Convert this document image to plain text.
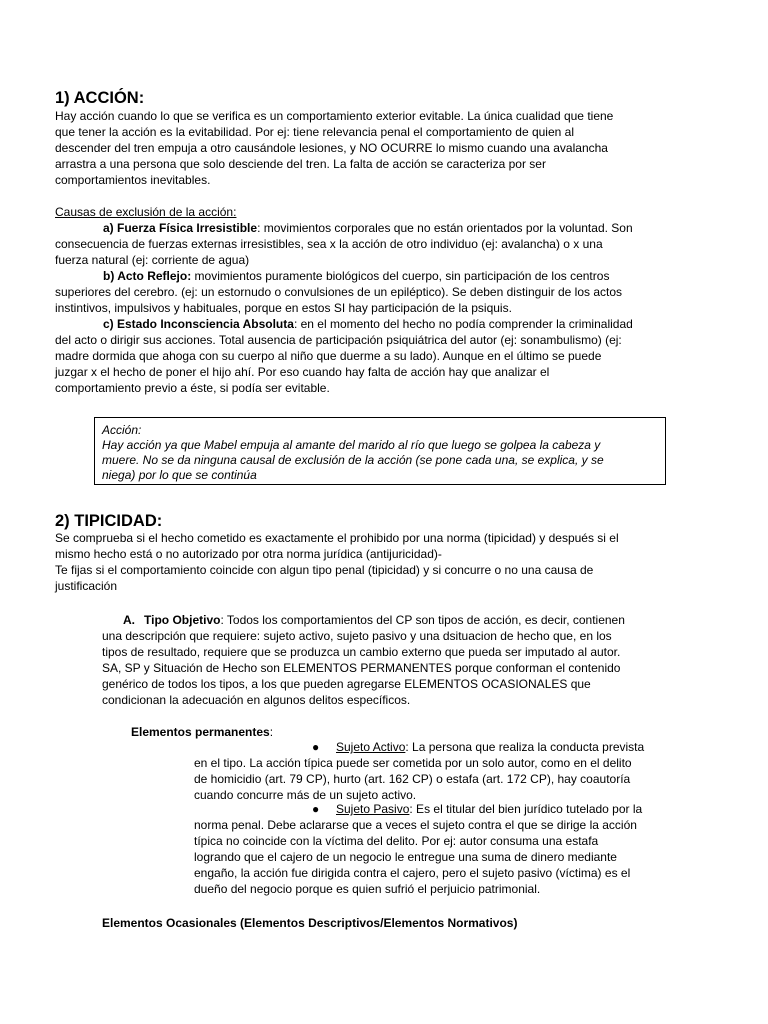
1) ACCIÓN:

Hay acción cuando lo que se verifica es un comportamiento exterior evitable. La única cualidad que tiene

que tener la acción es la evitabilidad. Por ej: tiene relevancia penal el comportamiento de quien al

descender del tren empuja a otro causándole lesiones, y NO OCURRE lo mismo cuando una avalancha

arrastra a una persona que solo desciende del tren. La falta de acción se caracteriza por ser

comportamientos inevitables.

Causas de exclusión de la acción:

a) Fuerza Física Irresistible: movimientos corporales que no están orientados por la voluntad. Son

consecuencia de fuerzas externas irresistibles, sea x la acción de otro individuo (ej: avalancha) o x una

fuerza natural (ej: corriente de agua)

b) Acto Reflejo: movimientos puramente biológicos del cuerpo, sin participación de los centros

superiores del cerebro. (ej: un estornudo o convulsiones de un epiléptico). Se deben distinguir de los actos

instintivos, impulsivos y habituales, porque en estos SI hay participación de la psiquis.

c) Estado Inconsciencia Absoluta: en el momento del hecho no podía comprender la criminalidad

del acto o dirigir sus acciones. Total ausencia de participación psiquiátrica del autor (ej: sonambulismo) (ej:

madre dormida que ahoga con su cuerpo al niño que duerme a su lado). Aunque en el último se puede

juzgar x el hecho de poner el hijo ahí. Por eso cuando hay falta de acción hay que analizar el

comportamiento previo a éste, si podía ser evitable.

Acción:

Hay acción ya que Mabel empuja al amante del marido al río que luego se golpea la cabeza y

muere. No se da ninguna causal de exclusión de la acción (se pone cada una, se explica, y se

niega) por lo que se continúa

2) TIPICIDAD:

Se comprueba si el hecho cometido es exactamente el prohibido por una norma (tipicidad) y después si el

mismo hecho está o no autorizado por otra norma jurídica (antijuricidad)-

Te fijas si el comportamiento coincide con algun tipo penal (tipicidad) y si concurre o no una causa de

justificación

A. Tipo Objetivo: Todos los comportamientos del CP son tipos de acción, es decir, contienen

una descripción que requiere: sujeto activo, sujeto pasivo y una dsituacion de hecho que, en los

tipos de resultado, requiere que se produzca un cambio externo que pueda ser imputado al autor.

SA, SP y Situación de Hecho son ELEMENTOS PERMANENTES porque conforman el contenido

genérico de todos los tipos, a los que pueden agregarse ELEMENTOS OCASIONALES que

condicionan la adecuación en algunos delitos específicos.

Elementos permanentes:

● Sujeto Activo: La persona que realiza la conducta prevista

en el tipo. La acción típica puede ser cometida por un solo autor, como en el delito

de homicidio (art. 79 CP), hurto (art. 162 CP) o estafa (art. 172 CP), hay coautoría

cuando concurre más de un sujeto activo.

● Sujeto Pasivo: Es el titular del bien jurídico tutelado por la

norma penal. Debe aclararse que a veces el sujeto contra el que se dirige la acción

típica no coincide con la víctima del delito. Por ej: autor consuma una estafa

logrando que el cajero de un negocio le entregue una suma de dinero mediante

engaño, la acción fue dirigida contra el cajero, pero el sujeto pasivo (víctima) es el

dueño del negocio porque es quien sufrió el perjuicio patrimonial.

Elementos Ocasionales (Elementos Descriptivos/Elementos Normativos)
